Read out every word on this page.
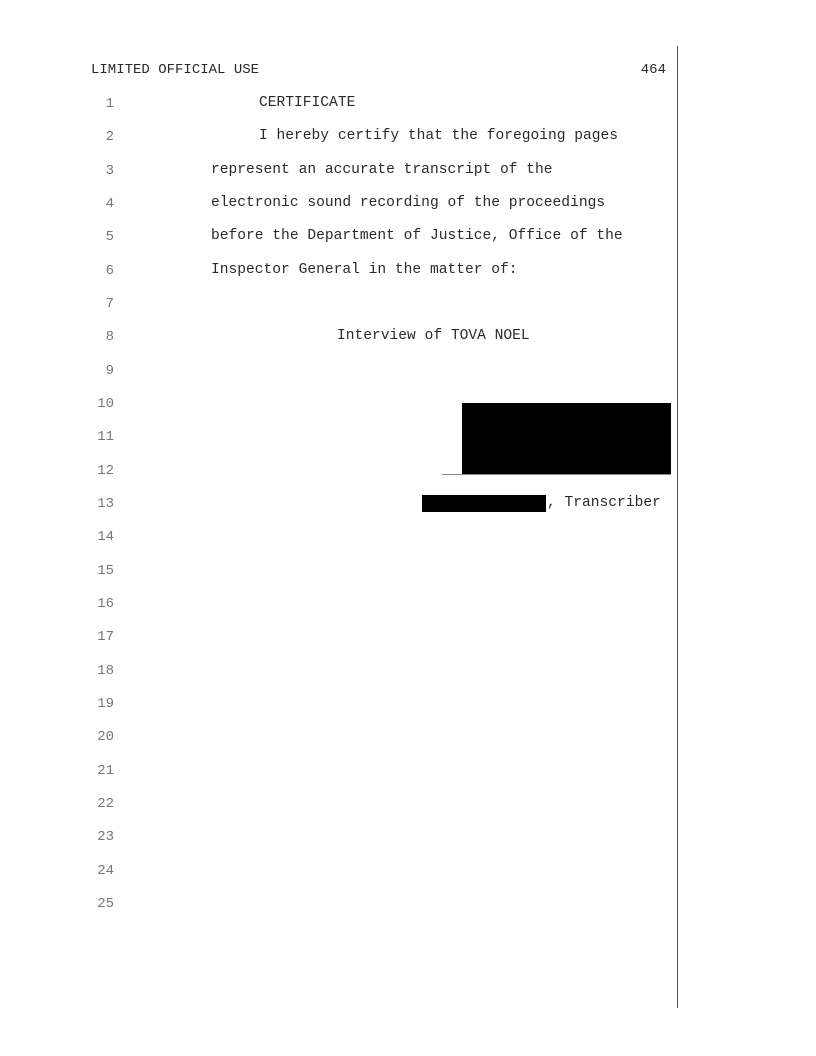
LIMITED OFFICIAL USE	464
1
2
3
4
5
6
7
8
9
10
11
12
13
14
15
16
17
18
19
20
21
22
23
24
25
CERTIFICATE
I hereby certify that the foregoing pages
represent an accurate transcript of the
electronic sound recording of the proceedings
before the Department of Justice, Office of the
Inspector General in the matter of:
Interview of TOVA NOEL
, Transcriber
